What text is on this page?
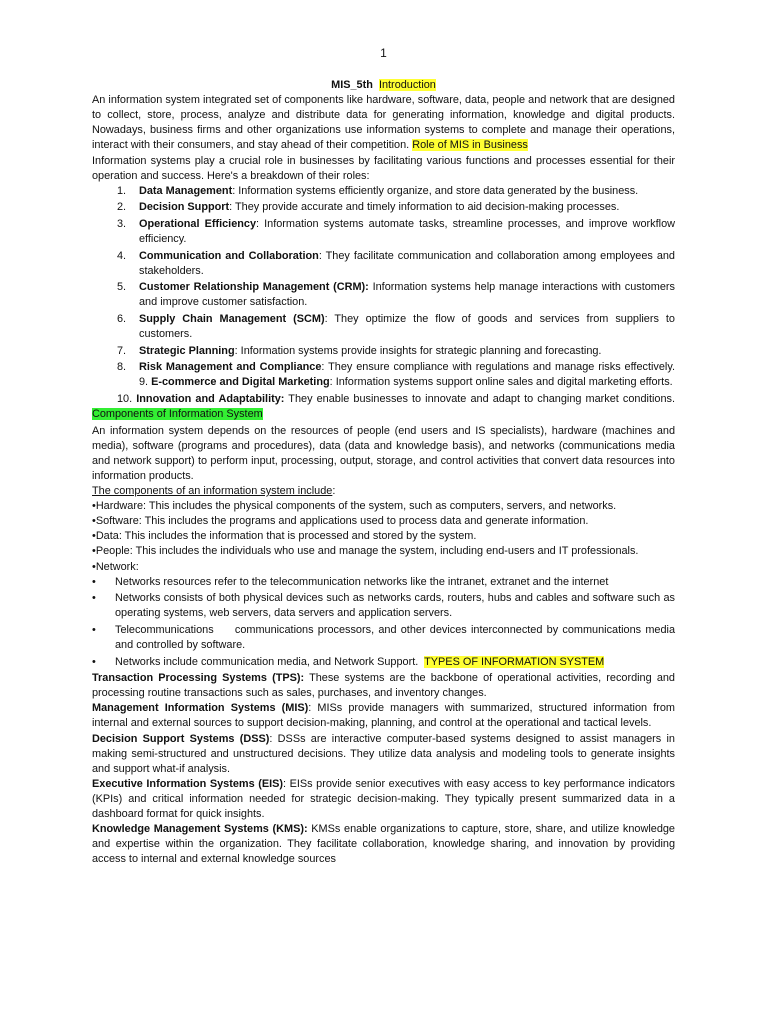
1
MIS_5th Introduction

An information system integrated set of components like hardware, software, data, people and network that are designed to collect, store, process, analyze and distribute data for generating information, knowledge and digital products. Nowadays, business firms and other organizations use information systems to complete and manage their operations, interact with their consumers, and stay ahead of their competition. Role of MIS in Business

Information systems play a crucial role in businesses by facilitating various functions and processes essential for their operation and success. Here's a breakdown of their roles:

1. Data Management: Information systems efficiently organize, and store data generated by the business.
2. Decision Support: They provide accurate and timely information to aid decision-making processes.
3. Operational Efficiency: Information systems automate tasks, streamline processes, and improve workflow efficiency.
4. Communication and Collaboration: They facilitate communication and collaboration among employees and stakeholders.
5. Customer Relationship Management (CRM): Information systems help manage interactions with customers and improve customer satisfaction.
6. Supply Chain Management (SCM): They optimize the flow of goods and services from suppliers to customers.
7. Strategic Planning: Information systems provide insights for strategic planning and forecasting.
8. Risk Management and Compliance: They ensure compliance with regulations and manage risks effectively. 9. E-commerce and Digital Marketing: Information systems support online sales and digital marketing efforts.
10. Innovation and Adaptability: They enable businesses to innovate and adapt to changing market conditions. Components of Information System

An information system depends on the resources of people (end users and IS specialists), hardware (machines and media), software (programs and procedures), data (data and knowledge basis), and networks (communications media and network support) to perform input, processing, output, storage, and control activities that convert data resources into information products.

The components of an information system include:
•Hardware: This includes the physical components of the system, such as computers, servers, and networks.
•Software: This includes the programs and applications used to process data and generate information.
•Data: This includes the information that is processed and stored by the system.
•People: This includes the individuals who use and manage the system, including end-users and IT professionals.
•Network:
• Networks resources refer to the telecommunication networks like the intranet, extranet and the internet
• Networks consists of both physical devices such as networks cards, routers, hubs and cables and software such as operating systems, web servers, data servers and application servers.
• Telecommunications     communications processors, and other devices interconnected by communications media and controlled by software.
• Networks include communication media, and Network Support.  TYPES OF INFORMATION SYSTEM

Transaction Processing Systems (TPS): These systems are the backbone of operational activities, recording and processing routine transactions such as sales, purchases, and inventory changes.

Management Information Systems (MIS): MISs provide managers with summarized, structured information from internal and external sources to support decision-making, planning, and control at the operational and tactical levels.

Decision Support Systems (DSS): DSSs are interactive computer-based systems designed to assist managers in making semi-structured and unstructured decisions. They utilize data analysis and modeling tools to generate insights and support what-if analysis.

Executive Information Systems (EIS): EISs provide senior executives with easy access to key performance indicators (KPIs) and critical information needed for strategic decision-making. They typically present summarized data in a dashboard format for quick insights.

Knowledge Management Systems (KMS): KMSs enable organizations to capture, store, share, and utilize knowledge and expertise within the organization. They facilitate collaboration, knowledge sharing, and innovation by providing access to internal and external knowledge sources
